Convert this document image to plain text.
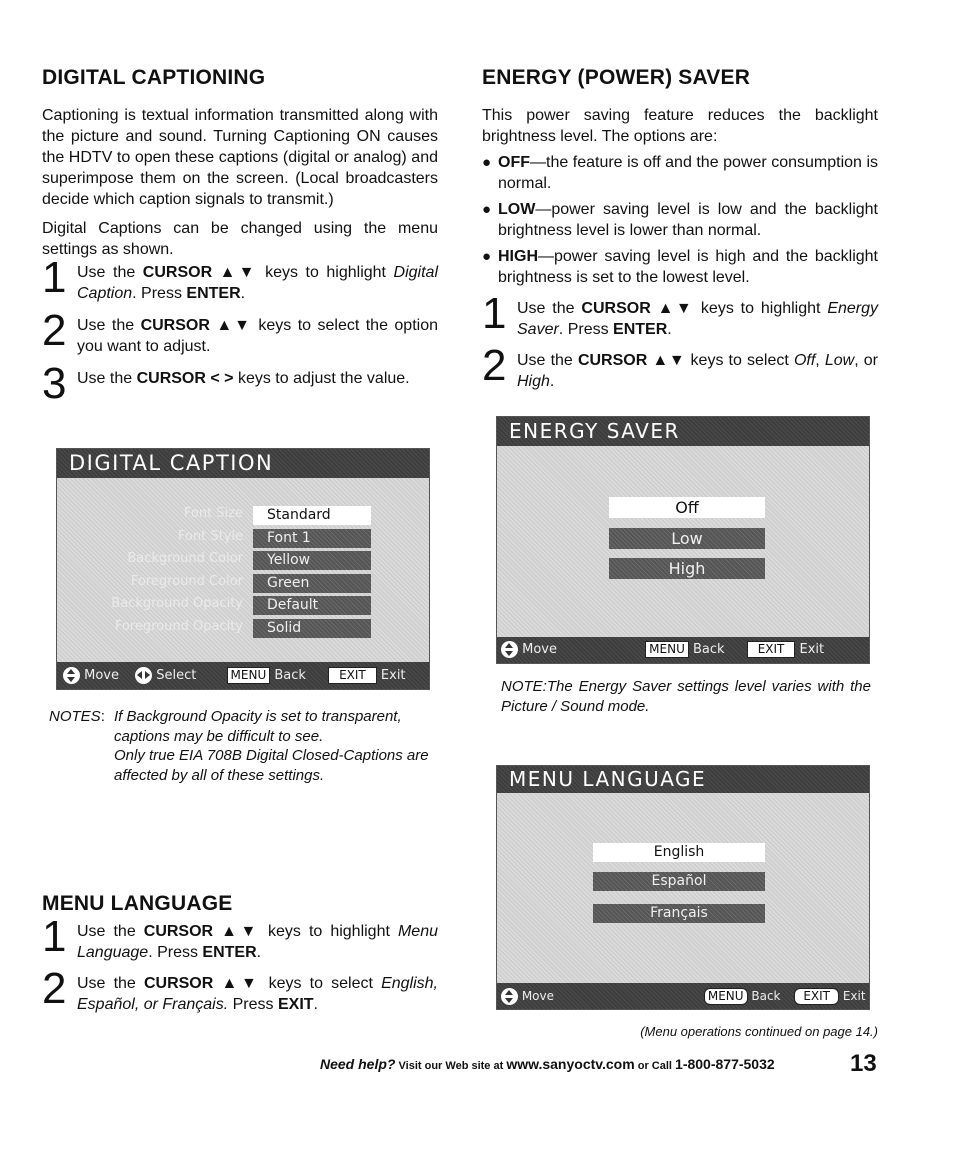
DIGITAL CAPTIONING

Captioning is textual information transmitted along with the picture and sound. Turning Captioning ON causes the HDTV to open these captions (digital or analog) and superimpose them on the screen. (Local broadcasters decide which caption signals to transmit.)

Digital Captions can be changed using the menu settings as shown.

1 Use the CURSOR ▲▼ keys to highlight Digital Caption. Press ENTER.
2 Use the CURSOR ▲▼ keys to select the option you want to adjust.
3 Use the CURSOR < > keys to adjust the value.
DIGITAL CAPTION
Font Size	Standard
Font Style	Font 1
Background Color	Yellow
Foreground Color	Green
Background Opacity	Default
Foreground Opacity	Solid
Move	Select	MENU Back	EXIT Exit
NOTES: If Background Opacity is set to transparent, captions may be difficult to see.
Only true EIA 708B Digital Closed-Captions are affected by all of these settings.
MENU LANGUAGE
1 Use the CURSOR ▲▼ keys to highlight Menu Language. Press ENTER.
2 Use the CURSOR ▲▼ keys to select English, Español, or Français. Press EXIT.
ENERGY (POWER) SAVER

This power saving feature reduces the backlight brightness level. The options are:

● OFF—the feature is off and the power consumption is normal.
● LOW—power saving level is low and the backlight brightness level is lower than normal.
● HIGH—power saving level is high and the backlight brightness is set to the lowest level.
1 Use the CURSOR ▲▼ keys to highlight Energy Saver. Press ENTER.
2 Use the CURSOR ▲▼ keys to select Off, Low, or High.
ENERGY SAVER
Off
Low
High
Move	MENU Back	EXIT Exit
NOTE:The Energy Saver settings level varies with the Picture / Sound mode.
MENU LANGUAGE
English
Español
Français
Move	MENU Back EXIT Exit
(Menu operations continued on page 14.)
Need help? Visit our Web site at www.sanyoctv.com or Call 1-800-877-5032	13
